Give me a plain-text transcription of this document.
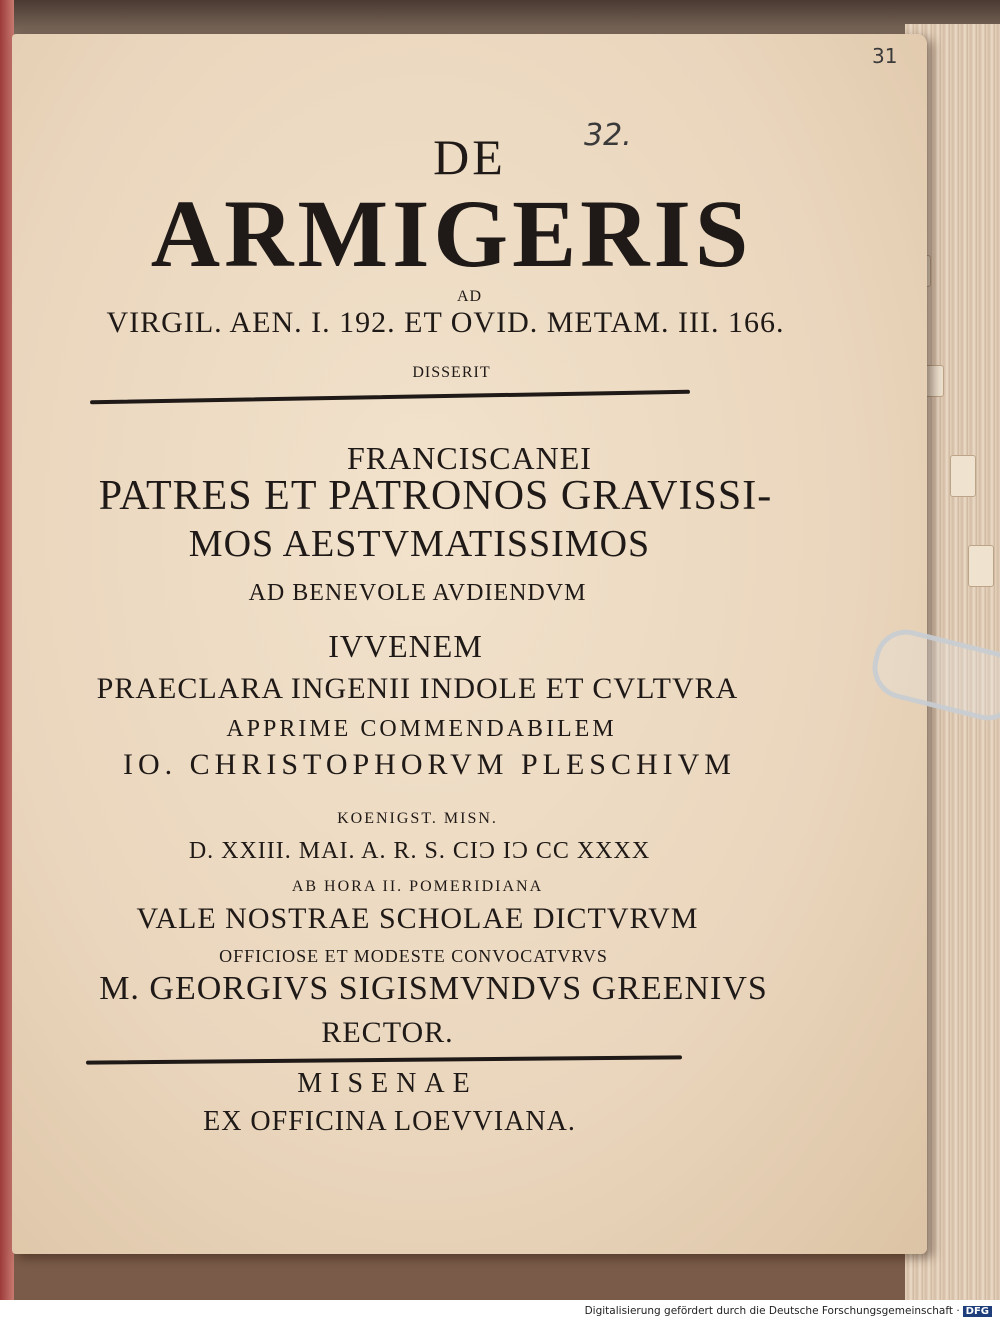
31
32.
DE
ARMIGERIS
AD
VIRGIL. AEN. I. 192. ET OVID. METAM. III. 166.
DISSERIT
FRANCISCANEI
PATRES ET PATRONOS GRAVISSI-
MOS AESTVMATISSIMOS
AD BENEVOLE AVDIENDVM
IVVENEM
PRAECLARA INGENII INDOLE ET CVLTVRA
APPRIME COMMENDABILEM
IO. CHRISTOPHORVM PLESCHIVM
KOENIGST. MISN.
D. XXIII. MAI. A. R. S. CIƆ IƆ CC XXXX
AB HORA II. POMERIDIANA
VALE NOSTRAE SCHOLAE DICTVRVM
OFFICIOSE ET MODESTE CONVOCATVRVS
M. GEORGIVS SIGISMVNDVS GREENIVS
RECTOR.
MISENAE
EX OFFICINA LOEVVIANA.
Digitalisierung gefördert durch die Deutsche Forschungsgemeinschaft · DFG
